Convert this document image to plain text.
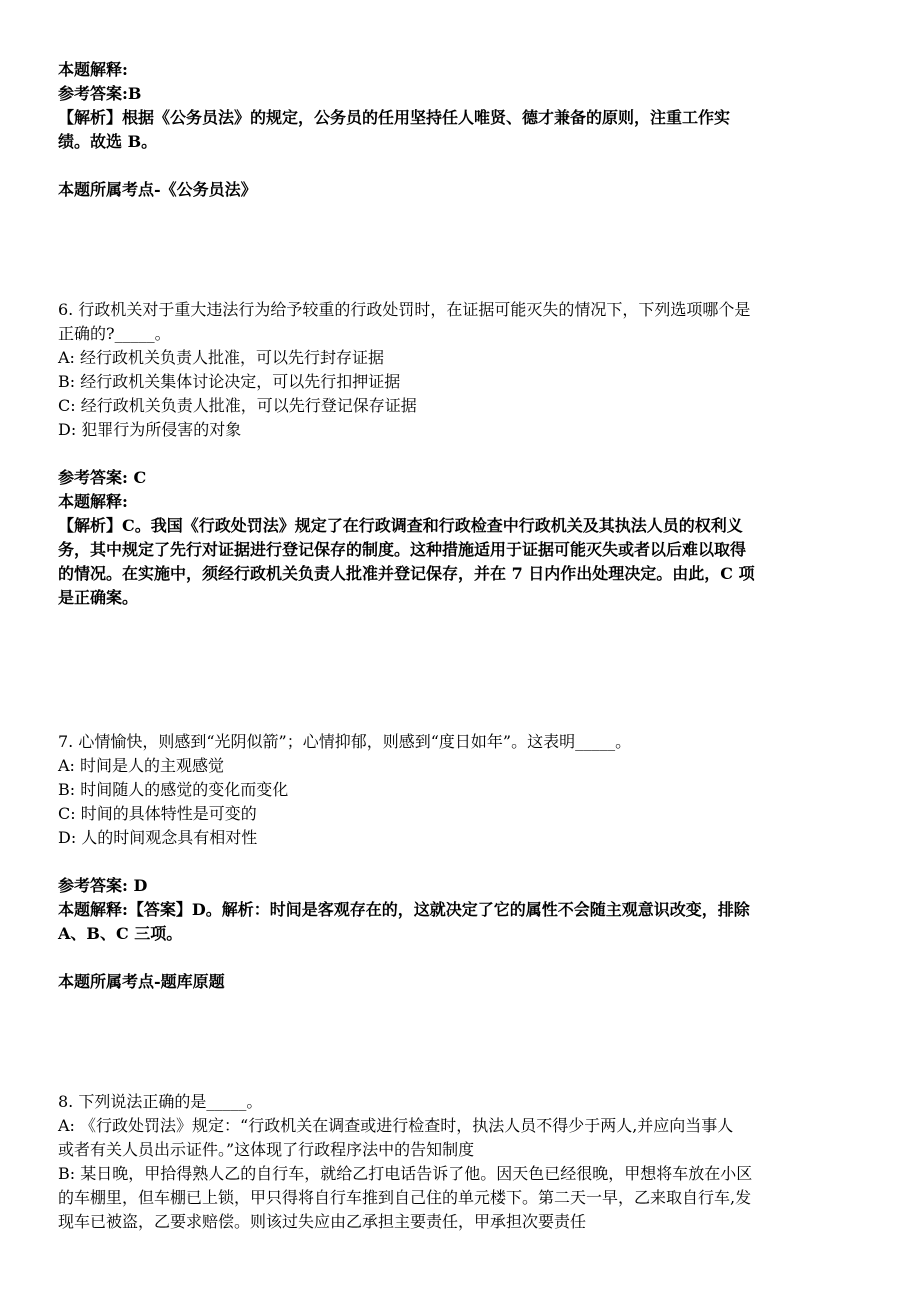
本题解释:
参考答案:B
【解析】根据《公务员法》的规定，公务员的任用坚持任人唯贤、德才兼备的原则，注重工作实
绩。故选 B。
本题所属考点-《公务员法》
6. 行政机关对于重大违法行为给予较重的行政处罚时，在证据可能灭失的情况下，下列选项哪个是
正确的?_____。
A: 经行政机关负责人批准，可以先行封存证据
B: 经行政机关集体讨论决定，可以先行扣押证据
C: 经行政机关负责人批准，可以先行登记保存证据
D: 犯罪行为所侵害的对象
参考答案: C
本题解释:
【解析】C。我国《行政处罚法》规定了在行政调查和行政检查中行政机关及其执法人员的权利义
务，其中规定了先行对证据进行登记保存的制度。这种措施适用于证据可能灭失或者以后难以取得
的情况。在实施中，须经行政机关负责人批准并登记保存，并在 7 日内作出处理决定。由此，C 项
是正确案。
7. 心情愉快，则感到“光阴似箭”；心情抑郁，则感到“度日如年”。这表明_____。
A: 时间是人的主观感觉
B: 时间随人的感觉的变化而变化
C: 时间的具体特性是可变的
D: 人的时间观念具有相对性
参考答案: D
本题解释:【答案】D。解析：时间是客观存在的，这就决定了它的属性不会随主观意识改变，排除
A、B、C 三项。
本题所属考点-题库原题
8. 下列说法正确的是_____。
A: 《行政处罚法》规定：“行政机关在调查或进行检查时，执法人员不得少于两人,并应向当事人
或者有关人员出示证件。”这体现了行政程序法中的告知制度
B: 某日晚，甲拾得熟人乙的自行车，就给乙打电话告诉了他。因天色已经很晚，甲想将车放在小区
的车棚里，但车棚已上锁，甲只得将自行车推到自己住的单元楼下。第二天一早，乙来取自行车,发
现车已被盗，乙要求赔偿。则该过失应由乙承担主要责任，甲承担次要责任
